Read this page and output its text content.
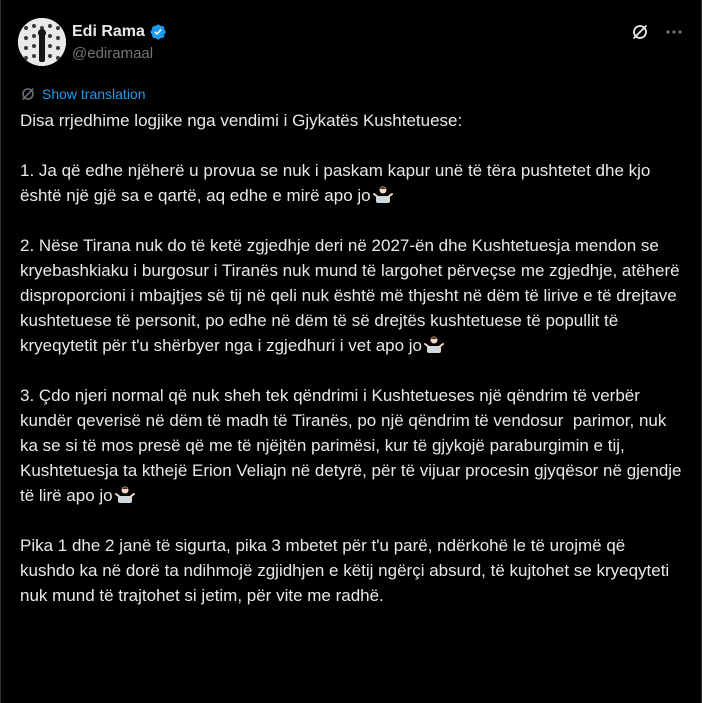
Edi Rama
@ediramaal
Show translation

Disa rrjedhime logjike nga vendimi i Gjykatës Kushtetuese:

1. Ja që edhe njëherë u provua se nuk i paskam kapur unë të tëra pushtetet dhe kjo është një gjë sa e qartë, aq edhe e mirë apo jo

2. Nëse Tirana nuk do të ketë zgjedhje deri në 2027-ën dhe Kushtetuesja mendon se kryebashkiaku i burgosur i Tiranës nuk mund të largohet përveçse me zgjedhje, atëherë disproporcioni i mbajtjes së tij në qeli nuk është më thjesht në dëm të lirive e të drejtave kushtetuese të personit, po edhe në dëm të së drejtës kushtetuese të popullit të kryeqytetit për t'u shërbyer nga i zgjedhuri i vet apo jo

3. Çdo njeri normal që nuk sheh tek qëndrimi i Kushtetueses një qëndrim të verbër kundër qeverisë në dëm të madh të Tiranës, po një qëndrim të vendosur  parimor, nuk ka se si të mos presë që me të njëjtën parimësi, kur të gjykojë paraburgimin e tij, Kushtetuesja ta kthejë Erion Veliajn në detyrë, për të vijuar procesin gjyqësor në gjendje të lirë apo jo

Pika 1 dhe 2 janë të sigurta, pika 3 mbetet për t'u parë, ndërkohë le të urojmë që kushdo ka në dorë ta ndihmojë zgjidhjen e këtij ngërçi absurd, të kujtohet se kryeqyteti nuk mund të trajtohet si jetim, për vite me radhë.
